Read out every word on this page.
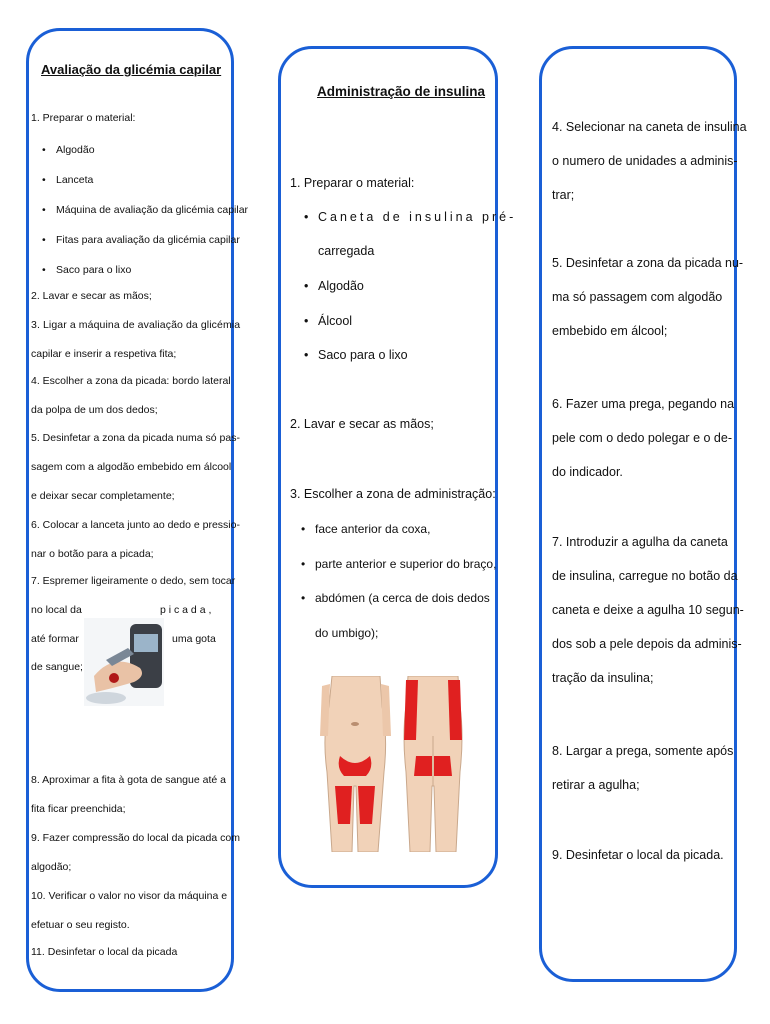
Avaliação da glicémia capilar
1. Preparar o material:
• Algodão
• Lanceta
• Máquina de avaliação da glicémia capilar
• Fitas para avaliação da glicémia capilar
• Saco para o lixo
2. Lavar e secar as mãos;
3. Ligar a máquina de avaliação da glicémia
capilar e inserir a respetiva fita;
4. Escolher a zona da picada: bordo lateral
da polpa de um dos dedos;
5. Desinfetar a zona da picada numa só pas-
sagem com a algodão embebido em álcool
e deixar secar completamente;
6. Colocar a lanceta junto ao dedo e pressio-
nar o botão para a picada;
7. Espremer ligeiramente o dedo, sem tocar
no local da	p i c a d a ,
até formar	uma gota
de sangue;
8. Aproximar a fita à gota de sangue até a
fita ficar preenchida;
9. Fazer compressão do local da picada com
algodão;
10. Verificar o valor no visor da máquina e
efetuar o seu registo.
11. Desinfetar o local da picada
Administração de insulina
1. Preparar o material:
• Caneta de insulina pré-
carregada
• Algodão
• Álcool
• Saco para o lixo
2. Lavar e secar as mãos;
3. Escolher a zona de administração:
• face anterior da coxa,
• parte anterior e superior do braço,
• abdómen (a cerca de dois dedos
do umbigo);
4. Selecionar na caneta de insulina
o numero de unidades a adminis-
trar;
5. Desinfetar a zona da picada nu-
ma só passagem com algodão
embebido em álcool;
6. Fazer uma prega, pegando na
pele com o dedo polegar e o de-
do indicador.
7. Introduzir a agulha da caneta
de insulina, carregue no botão da
caneta e deixe a agulha 10 segun-
dos sob a pele depois da adminis-
tração da insulina;
8. Largar a prega, somente após
retirar a agulha;
9. Desinfetar o local da picada.
